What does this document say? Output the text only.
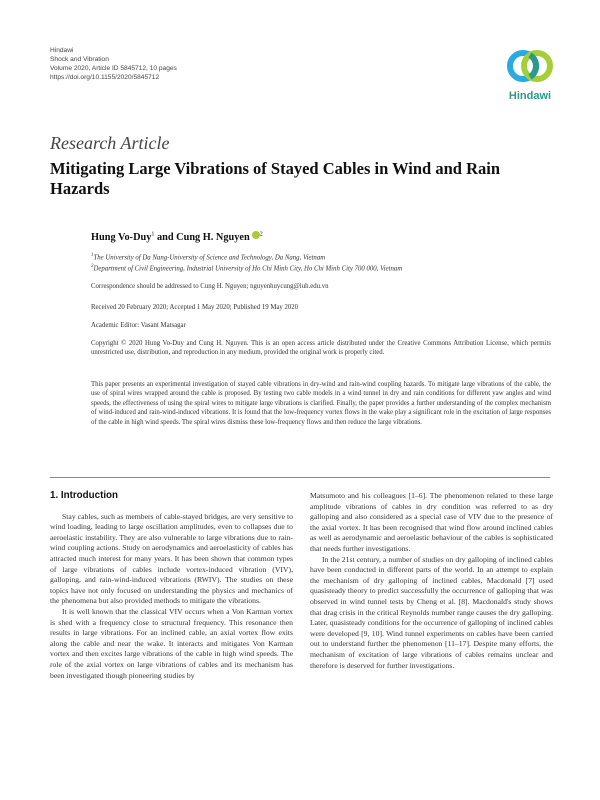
Hindawi
Shock and Vibration
Volume 2020, Article ID 5845712, 10 pages
https://doi.org/10.1155/2020/5845712
Hindawi
Research Article
Mitigating Large Vibrations of Stayed Cables in Wind and Rain Hazards
Hung Vo-Duy$^1$ and Cung H. Nguyen $^2$
$^1$The University of Da Nang-University of Science and Technology, Da Nang, Vietnam
$^2$Department of Civil Engineering, Industrial University of Ho Chi Minh City, Ho Chi Minh City 700 000, Vietnam
Correspondence should be addressed to Cung H. Nguyen; nguyenhuycung@iuh.edu.vn
Received 20 February 2020; Accepted 1 May 2020; Published 19 May 2020
Academic Editor: Vasant Matsagar
Copyright © 2020 Hung Vo-Duy and Cung H. Nguyen. This is an open access article distributed under the Creative Commons Attribution License, which permits unrestricted use, distribution, and reproduction in any medium, provided the original work is properly cited.
This paper presents an experimental investigation of stayed cable vibrations in dry-wind and rain-wind coupling hazards. To mitigate large vibrations of the cable, the use of spiral wires wrapped around the cable is proposed. By testing two cable models in a wind tunnel in dry and rain conditions for different yaw angles and wind speeds, the effectiveness of using the spiral wires to mitigate large vibrations is clarified. Finally, the paper provides a further understanding of the complex mechanism of wind-induced and rain-wind-induced vibrations. It is found that the low-frequency vortex flows in the wake play a significant role in the excitation of large responses of the cable in high wind speeds. The spiral wires dismiss these low-frequency flows and then reduce the large vibrations.
1. Introduction

Stay cables, such as members of cable-stayed bridges, are very sensitive to wind loading, leading to large oscillation amplitudes, even to collapses due to aeroelastic instability. They are also vulnerable to large vibrations due to rain-wind coupling actions. Study on aerodynamics and aeroelasticity of cables has attracted much interest for many years. It has been shown that common types of large vibrations of cables include vortex-induced vibration (VIV), galloping, and rain-wind-induced vibrations (RWIV). The studies on these topics have not only focused on understanding the physics and mechanics of the phenomena but also provided methods to mitigate the vibrations.

It is well known that the classical VIV occurs when a Von Karman vortex is shed with a frequency close to structural frequency. This resonance then results in large vibrations. For an inclined cable, an axial vortex flow exits along the cable and near the wake. It interacts and mitigates Von Karman vortex and then excites large vibrations of the cable in high wind speeds. The role of the axial vortex on large vibrations of cables and its mechanism has been investigated though pioneering studies by

Matsumoto and his colleagues [1–6]. The phenomenon related to these large amplitude vibrations of cables in dry condition was referred to as dry galloping and also considered as a special case of VIV due to the presence of the axial vortex. It has been recognised that wind flow around inclined cables as well as aerodynamic and aeroelastic behaviour of the cables is sophisticated that needs further investigations.

In the 21st century, a number of studies on dry galloping of inclined cables have been conducted in different parts of the world. In an attempt to explain the mechanism of dry galloping of inclined cables, Macdonald [7] used quasisteady theory to predict successfully the occurrence of galloping that was observed in wind tunnel tests by Cheng et al. [8]. Macdonald's study shows that drag crisis in the critical Reynolds number range causes the dry galloping. Later, quasisteady conditions for the occurrence of galloping of inclined cables were developed [9, 10]. Wind tunnel experiments on cables have been carried out to understand further the phenomenon [11–17]. Despite many efforts, the mechanism of excitation of large vibrations of cables remains unclear and therefore is deserved for further investigations.
